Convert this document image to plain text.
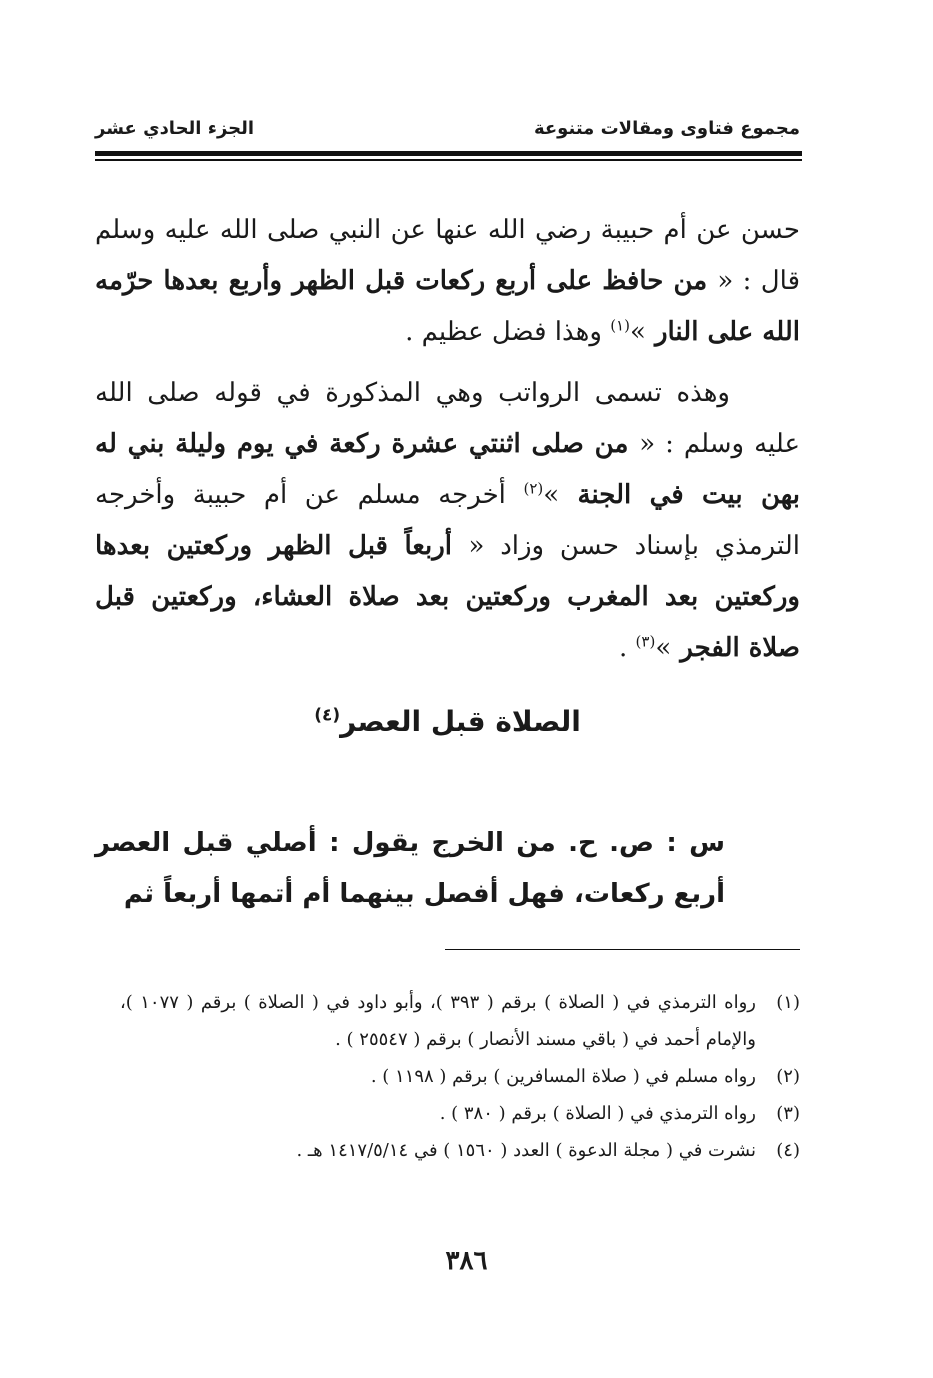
مجموع فتاوى ومقالات متنوعة
الجزء الحادي عشر

حسن عن أم حبيبة رضي الله عنها عن النبي صلى الله عليه وسلم قال : « من حافظ على أربع ركعات قبل الظهر وأربع بعدها حرّمه الله على النار »$^{(١)}$ وهذا فضل عظيم .

وهذه تسمى الرواتب وهي المذكورة في قوله صلى الله عليه وسلم : « من صلى اثنتي عشرة ركعة في يوم وليلة بني له بهن بيت في الجنة »$^{(٢)}$ أخرجه مسلم عن أم حبيبة وأخرجه الترمذي بإسناد حسن وزاد « أربعاً قبل الظهر وركعتين بعدها وركعتين بعد المغرب وركعتين بعد صلاة العشاء، وركعتين قبل صلاة الفجر »$^{(٣)}$ .

الصلاة قبل العصر$^{(٤)}$

س : ص. ح. من الخرج يقول : أصلي قبل العصر أربع ركعات، فهل أفصل بينهما أم أتمها أربعاً ثم

(١)
رواه الترمذي في ( الصلاة ) برقم ( ٣٩٣ )، وأبو داود في ( الصلاة ) برقم ( ١٠٧٧ )، والإمام أحمد في ( باقي مسند الأنصار ) برقم ( ٢٥٥٤٧ ) .
(٢)
رواه مسلم في ( صلاة المسافرين ) برقم ( ١١٩٨ ) .
(٣)
رواه الترمذي في ( الصلاة ) برقم ( ٣٨٠ ) .
(٤)
نشرت في ( مجلة الدعوة ) العدد ( ١٥٦٠ ) في ١٤١٧/٥/١٤ هـ .
٣٨٦
